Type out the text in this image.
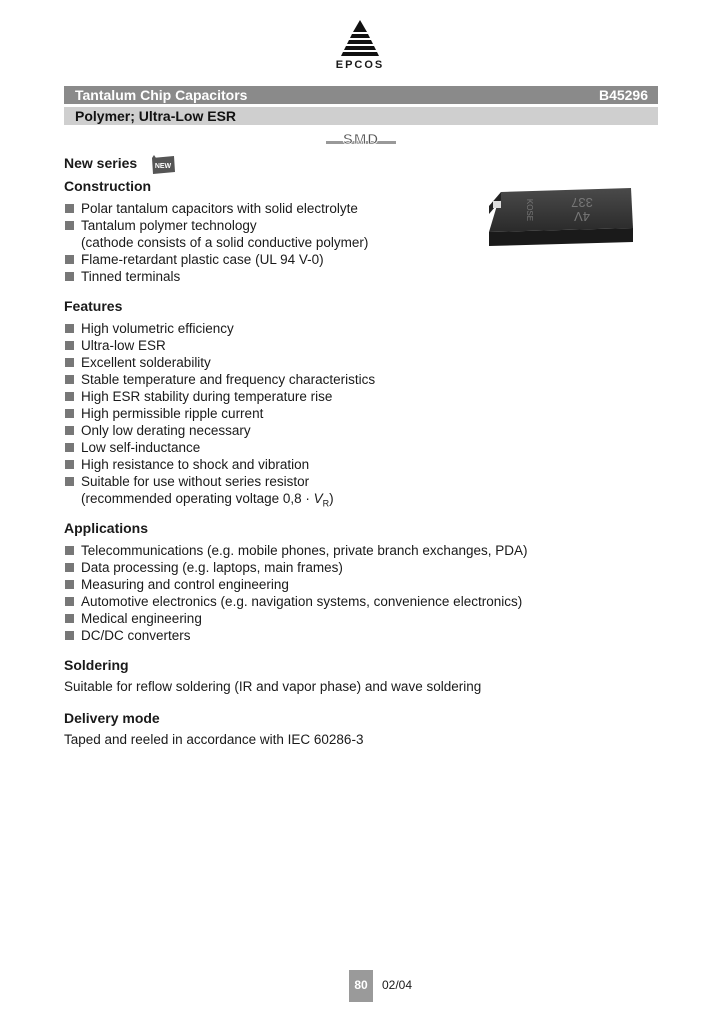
EPCOS
Tantalum Chip Capacitors	B45296
Polymer; Ultra-Low ESR
SMD
New series	NEW
Construction
Polar tantalum capacitors with solid electrolyte
Tantalum polymer technology
(cathode consists of a solid conductive polymer)
Flame-retardant plastic case (UL 94 V-0)
Tinned terminals
337
4V
KOSE
Features
High volumetric efficiency
Ultra-low ESR
Excellent solderability
Stable temperature and frequency characteristics
High ESR stability during temperature rise
High permissible ripple current
Only low derating necessary
Low self-inductance
High resistance to shock and vibration
Suitable for use without series resistor
(recommended operating voltage $0,8 \cdot V_R$)
Applications
Telecommunications (e.g. mobile phones, private branch exchanges, PDA)
Data processing (e.g. laptops, main frames)
Measuring and control engineering
Automotive electronics (e.g. navigation systems, convenience electronics)
Medical engineering
DC/DC converters
Soldering
Suitable for reflow soldering (IR and vapor phase) and wave soldering
Delivery mode
Taped and reeled in accordance with IEC 60286-3
80	02/04
